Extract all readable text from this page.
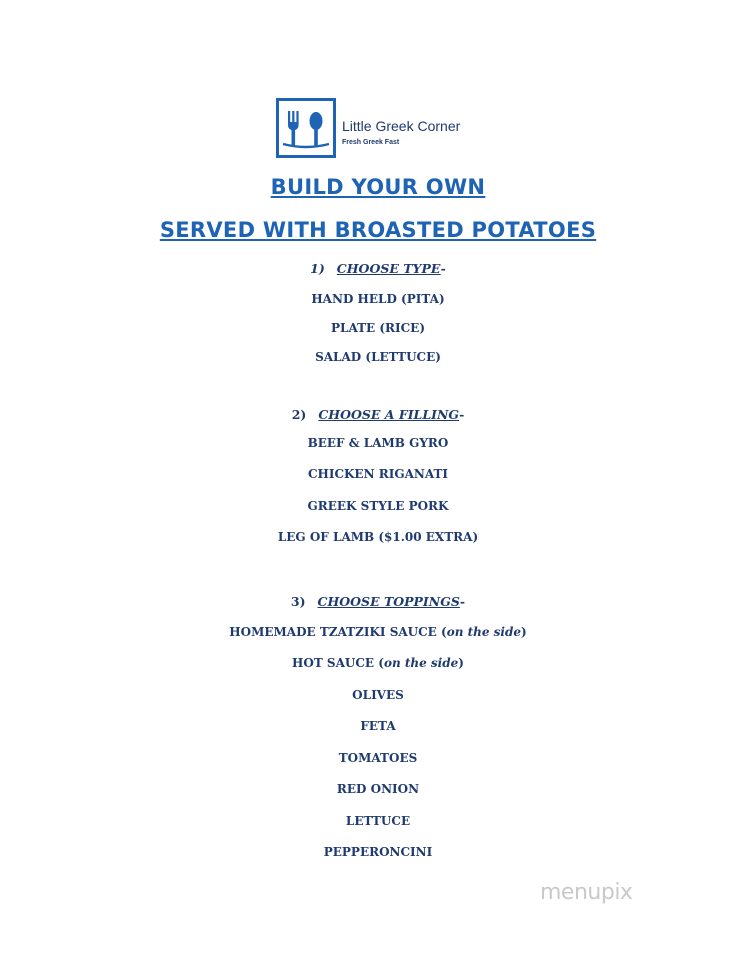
Little Greek Corner
Fresh Greek Fast
BUILD YOUR OWN
SERVED WITH BROASTED POTATOES
1) CHOOSE TYPE-
HAND HELD (PITA)
PLATE (RICE)
SALAD (LETTUCE)
2) CHOOSE A FILLING-
BEEF & LAMB GYRO
CHICKEN RIGANATI
GREEK STYLE PORK
LEG OF LAMB ($1.00 EXTRA)
3) CHOOSE TOPPINGS-
HOMEMADE TZATZIKI SAUCE (on the side)
HOT SAUCE (on the side)
OLIVES
FETA
TOMATOES
RED ONION
LETTUCE
PEPPERONCINI
menupix
